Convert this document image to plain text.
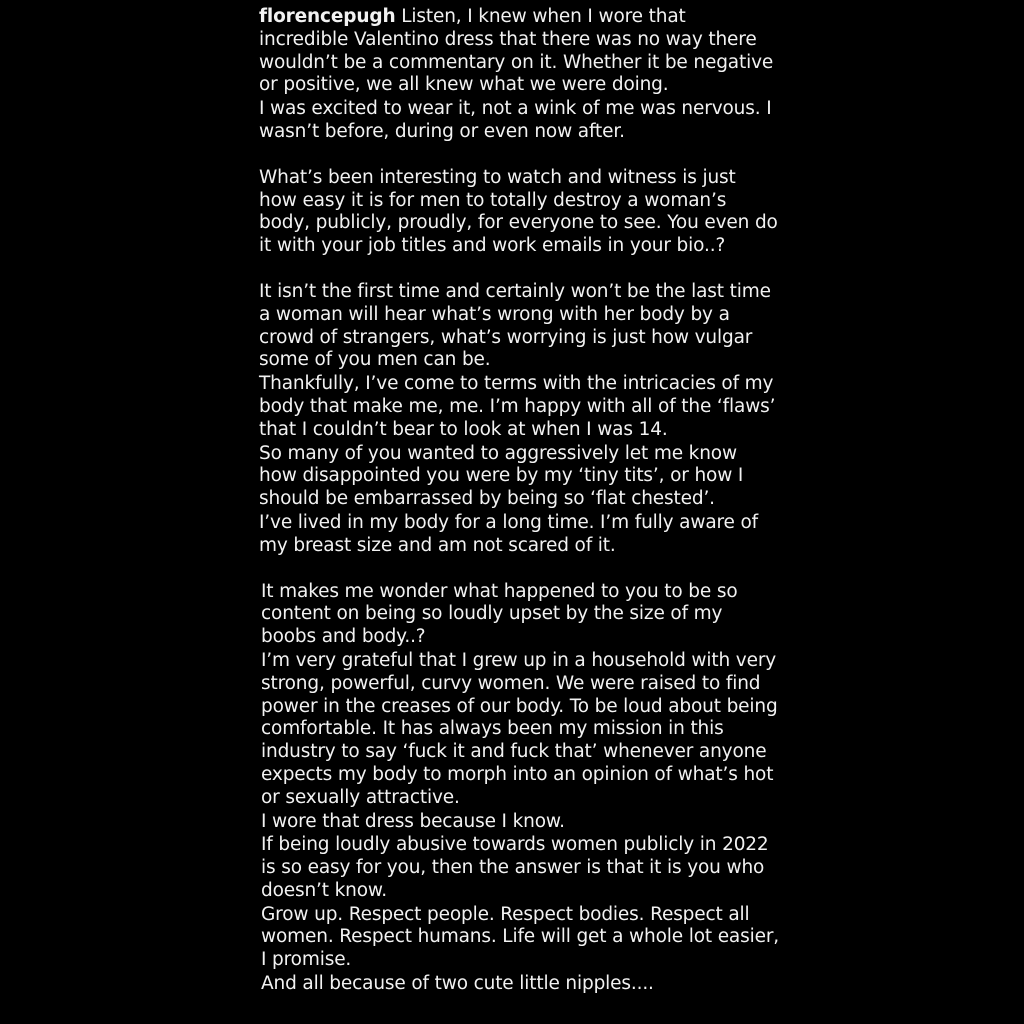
florencepugh Listen, I knew when I wore that incredible Valentino dress that there was no way there wouldn’t be a commentary on it. Whether it be negative or positive, we all knew what we were doing.

I was excited to wear it, not a wink of me was nervous. I wasn’t before, during or even now after.

What’s been interesting to watch and witness is just how easy it is for men to totally destroy a woman’s body, publicly, proudly, for everyone to see. You even do it with your job titles and work emails in your bio..?

It isn’t the first time and certainly won’t be the last time a woman will hear what’s wrong with her body by a crowd of strangers, what’s worrying is just how vulgar some of you men can be.

Thankfully, I’ve come to terms with the intricacies of my body that make me, me. I’m happy with all of the ‘flaws’ that I couldn’t bear to look at when I was 14.

So many of you wanted to aggressively let me know how disappointed you were by my ‘tiny tits’, or how I should be embarrassed by being so ‘flat chested’.

I’ve lived in my body for a long time. I’m fully aware of my breast size and am not scared of it.

It makes me wonder what happened to you to be so content on being so loudly upset by the size of my boobs and body..?

I’m very grateful that I grew up in a household with very strong, powerful, curvy women. We were raised to find power in the creases of our body. To be loud about being comfortable. It has always been my mission in this industry to say ‘fuck it and fuck that’ whenever anyone expects my body to morph into an opinion of what’s hot or sexually attractive.

I wore that dress because I know.

If being loudly abusive towards women publicly in 2022 is so easy for you, then the answer is that it is you who doesn’t know.

Grow up. Respect people. Respect bodies. Respect all women. Respect humans. Life will get a whole lot easier, I promise.

And all because of two cute little nipples....
